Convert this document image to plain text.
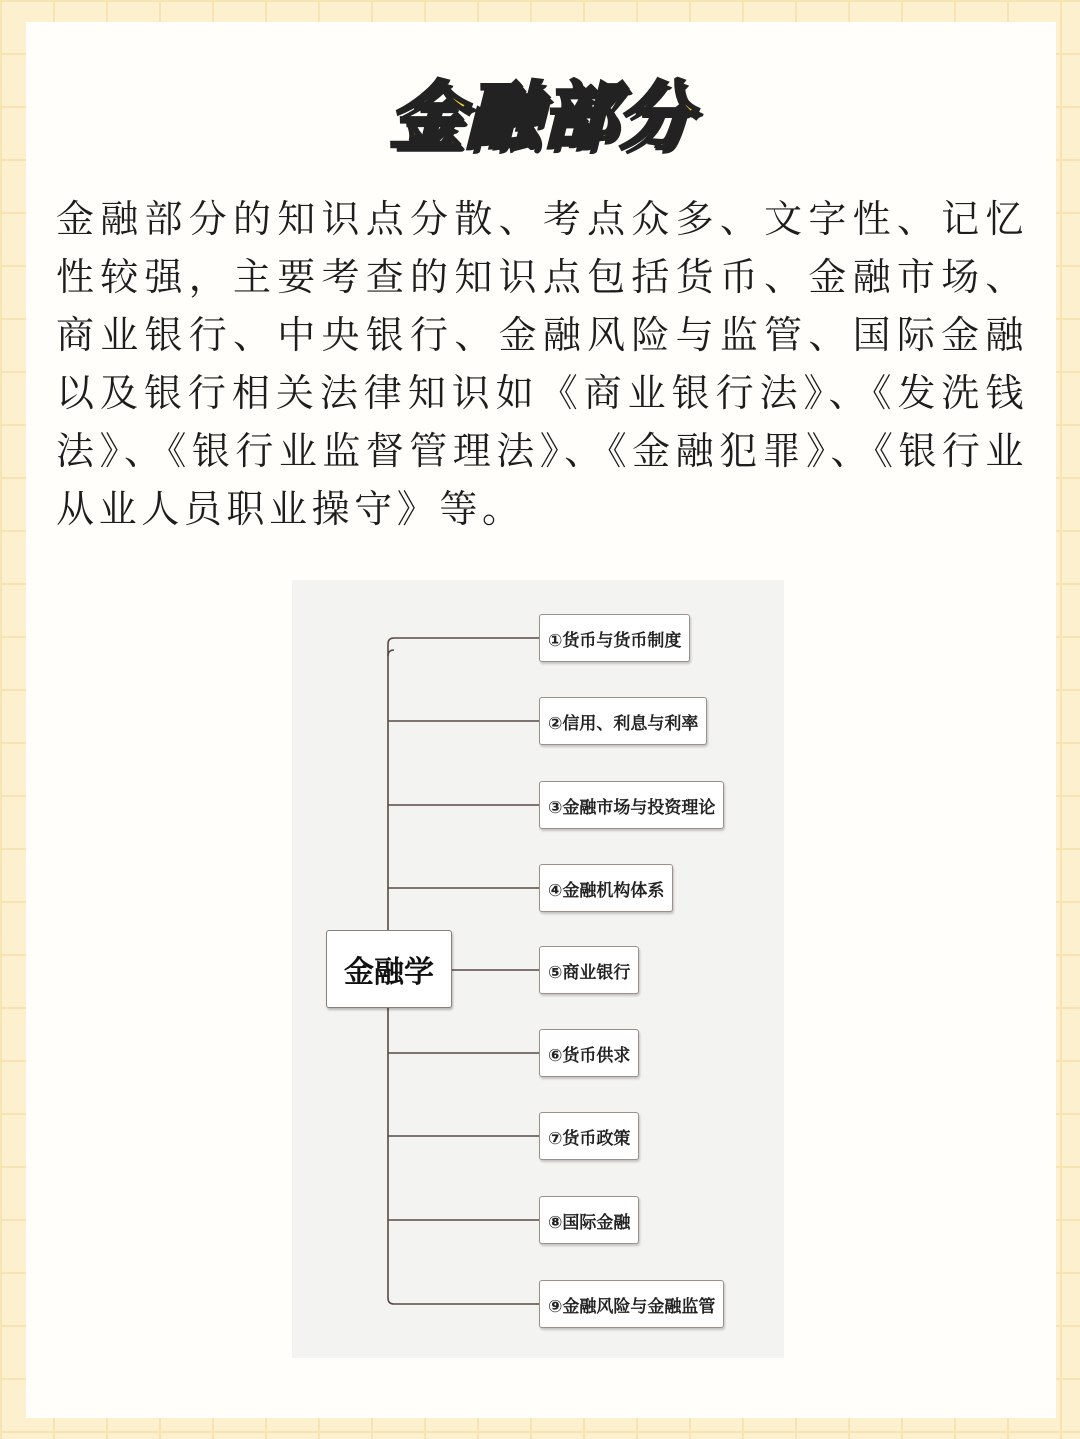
金融部分

金融部分的知识点分散、考点众多、文字性、记忆性较强，主要考查的知识点包括货币、金融市场、商业银行、中央银行、金融风险与监管、国际金融以及银行相关法律知识如《商业银行法》、《发洗钱法》、《银行业监督管理法》、《金融犯罪》、《银行业从业人员职业操守》等。

金融学
①货币与货币制度
②信用、利息与利率
③金融市场与投资理论
④金融机构体系
⑤商业银行
⑥货币供求
⑦货币政策
⑧国际金融
⑨金融风险与金融监管
